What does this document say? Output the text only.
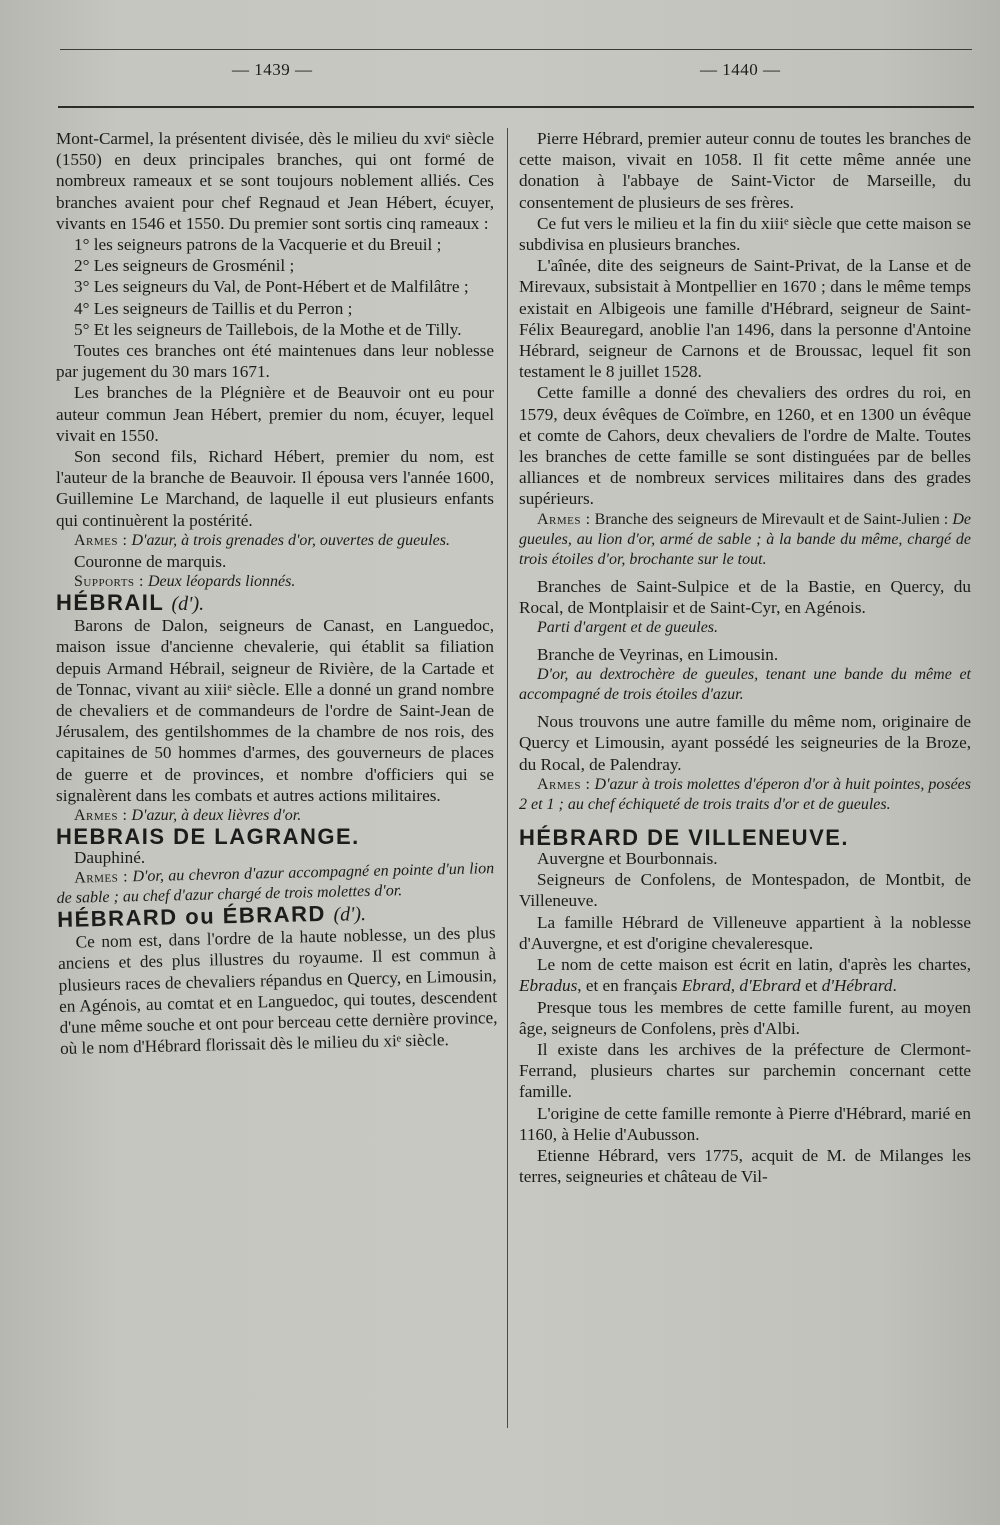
— 1439 —	— 1440 —

Mont-Carmel, la présentent divisée, dès le milieu du xviᵉ siècle (1550) en deux principales branches, qui ont formé de nombreux rameaux et se sont toujours noblement alliés. Ces branches avaient pour chef Regnaud et Jean Hébert, écuyer, vivants en 1546 et 1550. Du premier sont sortis cinq rameaux :

1° les seigneurs patrons de la Vacquerie et du Breuil ;

2° Les seigneurs de Grosménil ;

3° Les seigneurs du Val, de Pont-Hébert et de Malfilâtre ;

4° Les seigneurs de Taillis et du Perron ;

5° Et les seigneurs de Taillebois, de la Mothe et de Tilly.

Toutes ces branches ont été maintenues dans leur noblesse par jugement du 30 mars 1671.

Les branches de la Plégnière et de Beauvoir ont eu pour auteur commun Jean Hébert, premier du nom, écuyer, lequel vivait en 1550.

Son second fils, Richard Hébert, premier du nom, est l'auteur de la branche de Beauvoir. Il épousa vers l'année 1600, Guillemine Le Marchand, de laquelle il eut plusieurs enfants qui continuèrent la postérité.

Armes : D'azur, à trois grenades d'or, ouvertes de gueules.

Couronne de marquis.

Supports : Deux léopards lionnés.

HÉBRAIL (d').

Barons de Dalon, seigneurs de Canast, en Languedoc, maison issue d'ancienne chevalerie, qui établit sa filiation depuis Armand Hébrail, seigneur de Rivière, de la Cartade et de Tonnac, vivant au xiiiᵉ siècle. Elle a donné un grand nombre de chevaliers et de commandeurs de l'ordre de Saint-Jean de Jérusalem, des gentilshommes de la chambre de nos rois, des capitaines de 50 hommes d'armes, des gouverneurs de places de guerre et de provinces, et nombre d'officiers qui se signalèrent dans les combats et autres actions militaires.

Armes : D'azur, à deux lièvres d'or.

HEBRAIS DE LAGRANGE.

Dauphiné.

Armes : D'or, au chevron d'azur accompagné en pointe d'un lion de sable ; au chef d'azur chargé de trois molettes d'or.

HÉBRARD ou ÉBRARD (d').

Ce nom est, dans l'ordre de la haute noblesse, un des plus anciens et des plus illustres du royaume. Il est commun à plusieurs races de chevaliers répandus en Quercy, en Limousin, en Agénois, au comtat et en Languedoc, qui toutes, descendent d'une même souche et ont pour berceau cette dernière province, où le nom d'Hébrard florissait dès le milieu du xiᵉ siècle.

Pierre Hébrard, premier auteur connu de toutes les branches de cette maison, vivait en 1058. Il fit cette même année une donation à l'abbaye de Saint-Victor de Marseille, du consentement de plusieurs de ses frères.

Ce fut vers le milieu et la fin du xiiiᵉ siècle que cette maison se subdivisa en plusieurs branches.

L'aînée, dite des seigneurs de Saint-Privat, de la Lanse et de Mirevaux, subsistait à Montpellier en 1670 ; dans le même temps existait en Albigeois une famille d'Hébrard, seigneur de Saint-Félix Beauregard, anoblie l'an 1496, dans la personne d'Antoine Hébrard, seigneur de Carnons et de Broussac, lequel fit son testament le 8 juillet 1528.

Cette famille a donné des chevaliers des ordres du roi, en 1579, deux évêques de Coïmbre, en 1260, et en 1300 un évêque et comte de Cahors, deux chevaliers de l'ordre de Malte. Toutes les branches de cette famille se sont distinguées par de belles alliances et de nombreux services militaires dans des grades supérieurs.

Armes : Branche des seigneurs de Mirevault et de Saint-Julien : De gueules, au lion d'or, armé de sable ; à la bande du même, chargé de trois étoiles d'or, brochante sur le tout.

Branches de Saint-Sulpice et de la Bastie, en Quercy, du Rocal, de Montplaisir et de Saint-Cyr, en Agénois.

Parti d'argent et de gueules.

Branche de Veyrinas, en Limousin.

D'or, au dextrochère de gueules, tenant une bande du même et accompagné de trois étoiles d'azur.

Nous trouvons une autre famille du même nom, originaire de Quercy et Limousin, ayant possédé les seigneuries de la Broze, du Rocal, de Palendray.

Armes : D'azur à trois molettes d'éperon d'or à huit pointes, posées 2 et 1 ; au chef échiqueté de trois traits d'or et de gueules.

HÉBRARD DE VILLENEUVE.

Auvergne et Bourbonnais.

Seigneurs de Confolens, de Montespadon, de Montbit, de Villeneuve.

La famille Hébrard de Villeneuve appartient à la noblesse d'Auvergne, et est d'origine chevaleresque.

Le nom de cette maison est écrit en latin, d'après les chartes, Ebradus, et en français Ebrard, d'Ebrard et d'Hébrard.

Presque tous les membres de cette famille furent, au moyen âge, seigneurs de Confolens, près d'Albi.

Il existe dans les archives de la préfecture de Clermont-Ferrand, plusieurs chartes sur parchemin concernant cette famille.

L'origine de cette famille remonte à Pierre d'Hébrard, marié en 1160, à Helie d'Aubusson.

Etienne Hébrard, vers 1775, acquit de M. de Milanges les terres, seigneuries et château de Vil-
